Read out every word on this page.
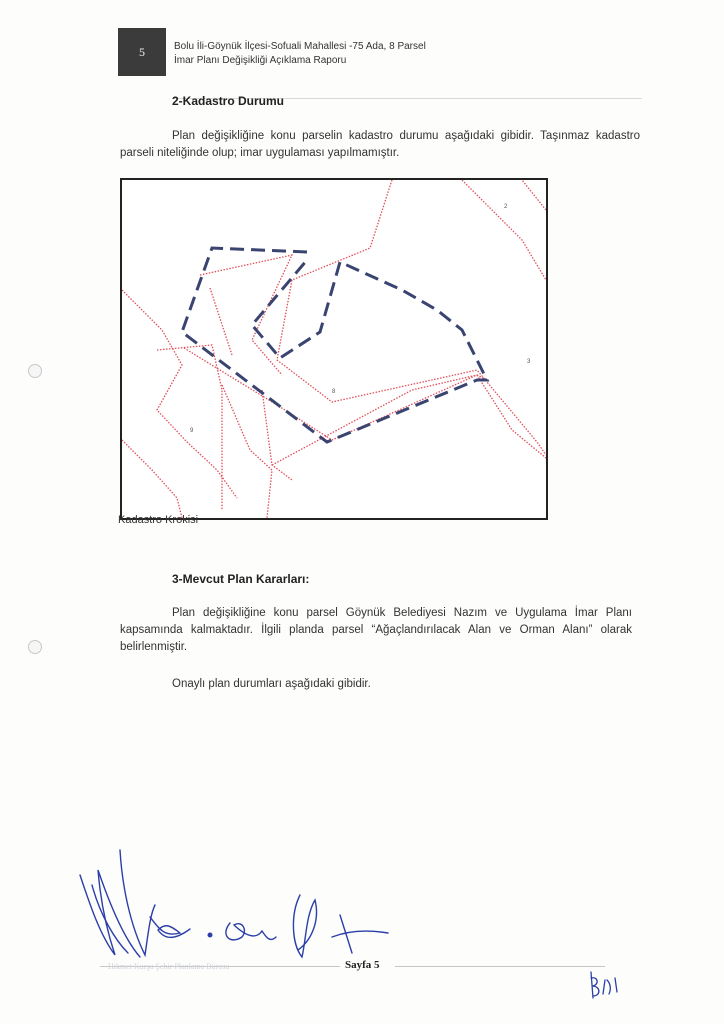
5	Bolu İli-Göynük İlçesi-Sofuali Mahallesi -75 Ada, 8 Parsel
İmar Planı Değişikliği Açıklama Raporu
2-Kadastro Durumu
Plan değişikliğine konu parselin kadastro durumu aşağıdaki gibidir. Taşınmaz kadastro parseli niteliğinde olup; imar uygulaması yapılmamıştır.
2
3
8
9
Kadastro Krokisi
3-Mevcut Plan Kararları:
Plan değişikliğine konu parsel Göynük Belediyesi Nazım ve Uygulama İmar Planı kapsamında kalmaktadır. İlgili planda parsel “Ağaçlandırılacak Alan ve Orman Alanı” olarak belirlenmiştir.
Onaylı plan durumları aşağıdaki gibidir.
Hikmet Kurşu Şehir Planlama Bürosu	Sayfa 5
